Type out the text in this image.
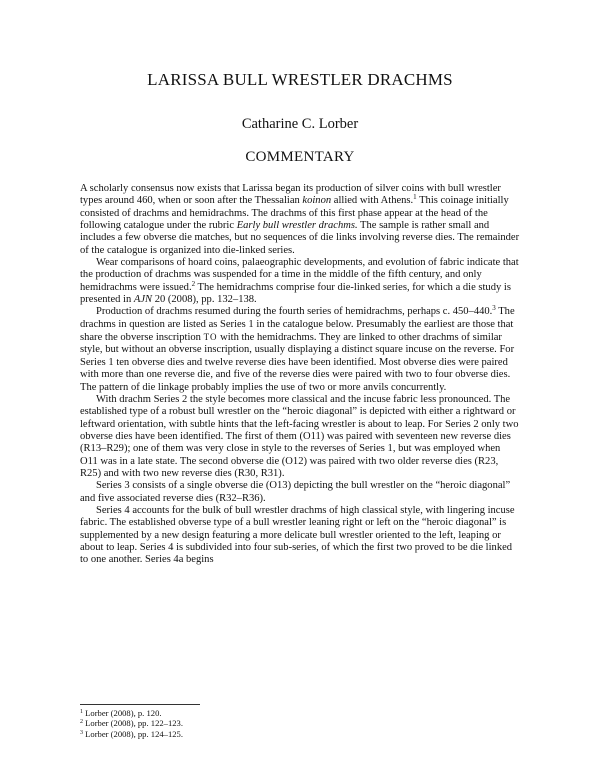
LARISSA BULL WRESTLER DRACHMS
Catharine C. Lorber
COMMENTARY

A scholarly consensus now exists that Larissa began its production of silver coins with bull wrestler types around 460, when or soon after the Thessalian koinon allied with Athens.$^1$ This coinage initially consisted of drachms and hemidrachms. The drachms of this first phase appear at the head of the following catalogue under the rubric Early bull wrestler drachms. The sample is rather small and includes a few obverse die matches, but no sequences of die links involving reverse dies. The remainder of the catalogue is organized into die-linked series.

Wear comparisons of hoard coins, palaeographic developments, and evolution of fabric indicate that the production of drachms was suspended for a time in the middle of the fifth century, and only hemidrachms were issued.$^2$ The hemidrachms comprise four die-linked series, for which a die study is presented in AJN 20 (2008), pp. 132–138.

Production of drachms resumed during the fourth series of hemidrachms, perhaps c. 450–440.$^3$ The drachms in question are listed as Series 1 in the catalogue below. Presumably the earliest are those that share the obverse inscription ΤΟ with the hemidrachms. They are linked to other drachms of similar style, but without an obverse inscription, usually displaying a distinct square incuse on the reverse. For Series 1 ten obverse dies and twelve reverse dies have been identified. Most obverse dies were paired with more than one reverse die, and five of the reverse dies were paired with two to four obverse dies. The pattern of die linkage probably implies the use of two or more anvils concurrently.

With drachm Series 2 the style becomes more classical and the incuse fabric less pronounced. The established type of a robust bull wrestler on the “heroic diagonal” is depicted with either a rightward or leftward orientation, with subtle hints that the left-facing wrestler is about to leap. For Series 2 only two obverse dies have been identified. The first of them (O11) was paired with seventeen new reverse dies (R13–R29); one of them was very close in style to the reverses of Series 1, but was employed when O11 was in a late state. The second obverse die (O12) was paired with two older reverse dies (R23, R25) and with two new reverse dies (R30, R31).

Series 3 consists of a single obverse die (O13) depicting the bull wrestler on the “heroic diagonal” and five associated reverse dies (R32–R36).

Series 4 accounts for the bulk of bull wrestler drachms of high classical style, with lingering incuse fabric. The established obverse type of a bull wrestler leaning right or left on the “heroic diagonal” is supplemented by a new design featuring a more delicate bull wrestler oriented to the left, leaping or about to leap. Series 4 is subdivided into four sub-series, of which the first two proved to be die linked to one another. Series 4a begins

$^1$ Lorber (2008), p. 120.
$^2$ Lorber (2008), pp. 122–123.
$^3$ Lorber (2008), pp. 124–125.
